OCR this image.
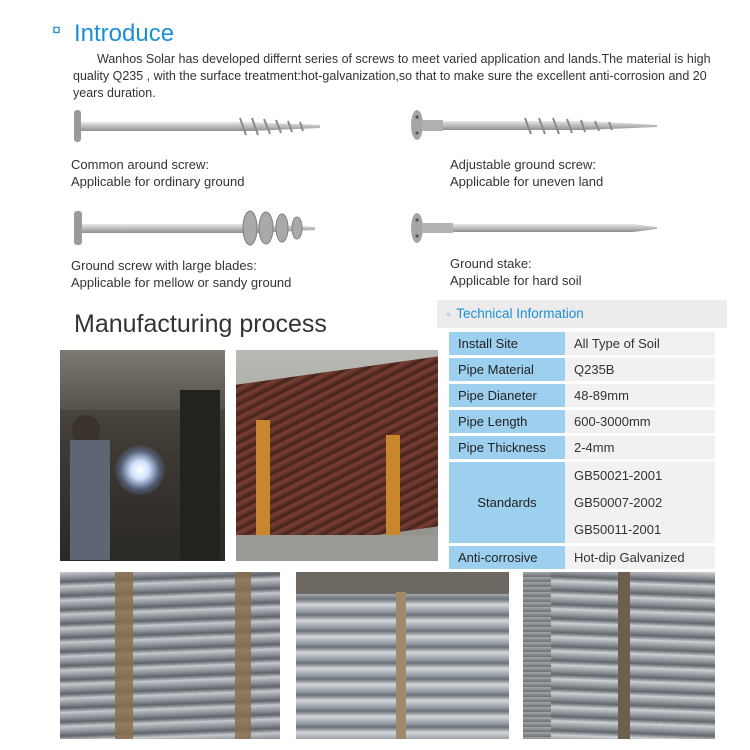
¤ Introduce

Wanhos Solar has developed differnt series of screws to meet varied application and lands.The material is high quality Q235 , with the surface treatment:hot-galvanization,so that to make sure the excellent anti-corrosion and 20 years duration.

Common around screw:
Applicable for ordinary ground
Adjustable ground screw:
Applicable for uneven land
Ground screw with large blades:
Applicable for mellow or sandy ground
Ground stake:
Applicable for hard soil
Manufacturing process	▫ Technical Information
Install Site	All Type of Soil
Pipe Material	Q235B
Pipe Dianeter	48-89mm
Pipe Length	600-3000mm
Pipe Thickness	2-4mm
Standards	GB50021-2001
GB50007-2002
GB50011-2001

Anti-corrosive	Hot-dip Galvanized
